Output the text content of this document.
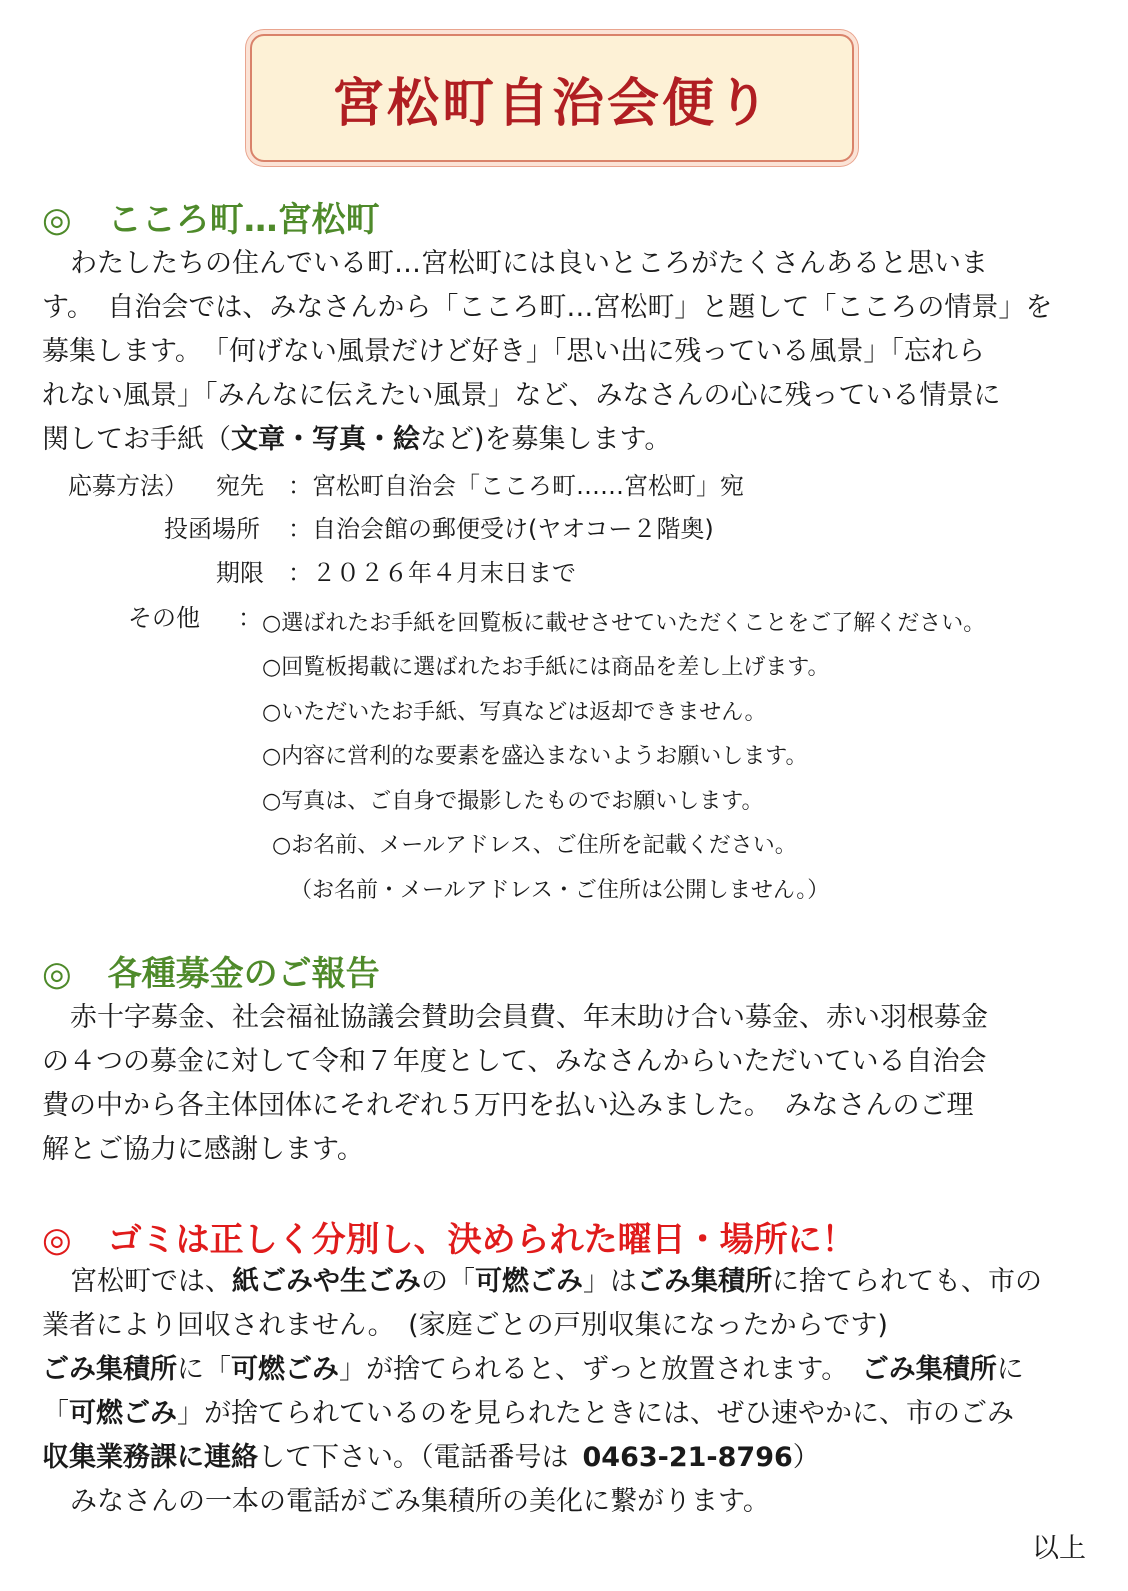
宮松町自治会便り
◎ こころ町…宮松町
わたしたちの住んでいる町…宮松町には良いところがたくさんあると思いま
す。　自治会では、みなさんから「こころ町…宮松町」と題して「こころの情景」を
募集します。　「何げない風景だけど好き」「思い出に残っている風景」「忘れら
れない風景」「みんなに伝えたい風景」など、みなさんの心に残っている情景に
関してお手紙（文章・写真・絵など)を募集します。
応募方法） 宛先 ：宮松町自治会「こころ町……宮松町」宛
投函場所 ：自治会館の郵便受け(ヤオコー２階奥)
期限 ：２０２６年４月末日まで
その他 ： ○選ばれたお手紙を回覧板に載せさせていただくことをご了解ください。
○回覧板掲載に選ばれたお手紙には商品を差し上げます。
○いただいたお手紙、写真などは返却できません。
○内容に営利的な要素を盛込まないようお願いします。
○写真は、ご自身で撮影したものでお願いします。
○お名前、メールアドレス、ご住所を記載ください。
（お名前・メールアドレス・ご住所は公開しません。）
◎ 各種募金のご報告
赤十字募金、社会福祉協議会賛助会員費、年末助け合い募金、赤い羽根募金
の４つの募金に対して令和７年度として、みなさんからいただいている自治会
費の中から各主体団体にそれぞれ５万円を払い込みました。　みなさんのご理
解とご協力に感謝します。
◎ ゴミは正しく分別し、決められた曜日・場所に！
宮松町では、紙ごみや生ごみの「可燃ごみ」はごみ集積所に捨てられても、市の
業者により回収されません。　(家庭ごとの戸別収集になったからです)
ごみ集積所に「可燃ごみ」が捨てられると、ずっと放置されます。　ごみ集積所に
「可燃ごみ」が捨てられているのを見られたときには、ぜひ速やかに、市のごみ
収集業務課に連絡して下さい。（電話番号は 0463-21-8796）
みなさんの一本の電話がごみ集積所の美化に繋がります。
以上
